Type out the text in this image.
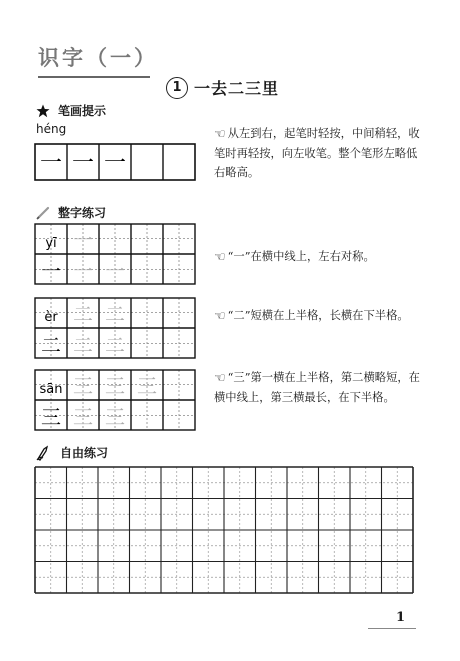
识字（一）
1 一去二三里
笔画提示
héng
一 一 一
☜ 从左到右，起笔时轻按，中间稍轻，收笔时再轻按，向左收笔。整个笔形左略低右略高。
整字练习
yī 一
一 一 一
☜ “一”在横中线上，左右对称。
èr 二 二
二 二 二
☜ “二”短横在上半格，长横在下半格。
sān 三 三 三
三 三 三
☜ “三”第一横在上半格，第二横略短，在横中线上，第三横最长，在下半格。
自由练习
1
